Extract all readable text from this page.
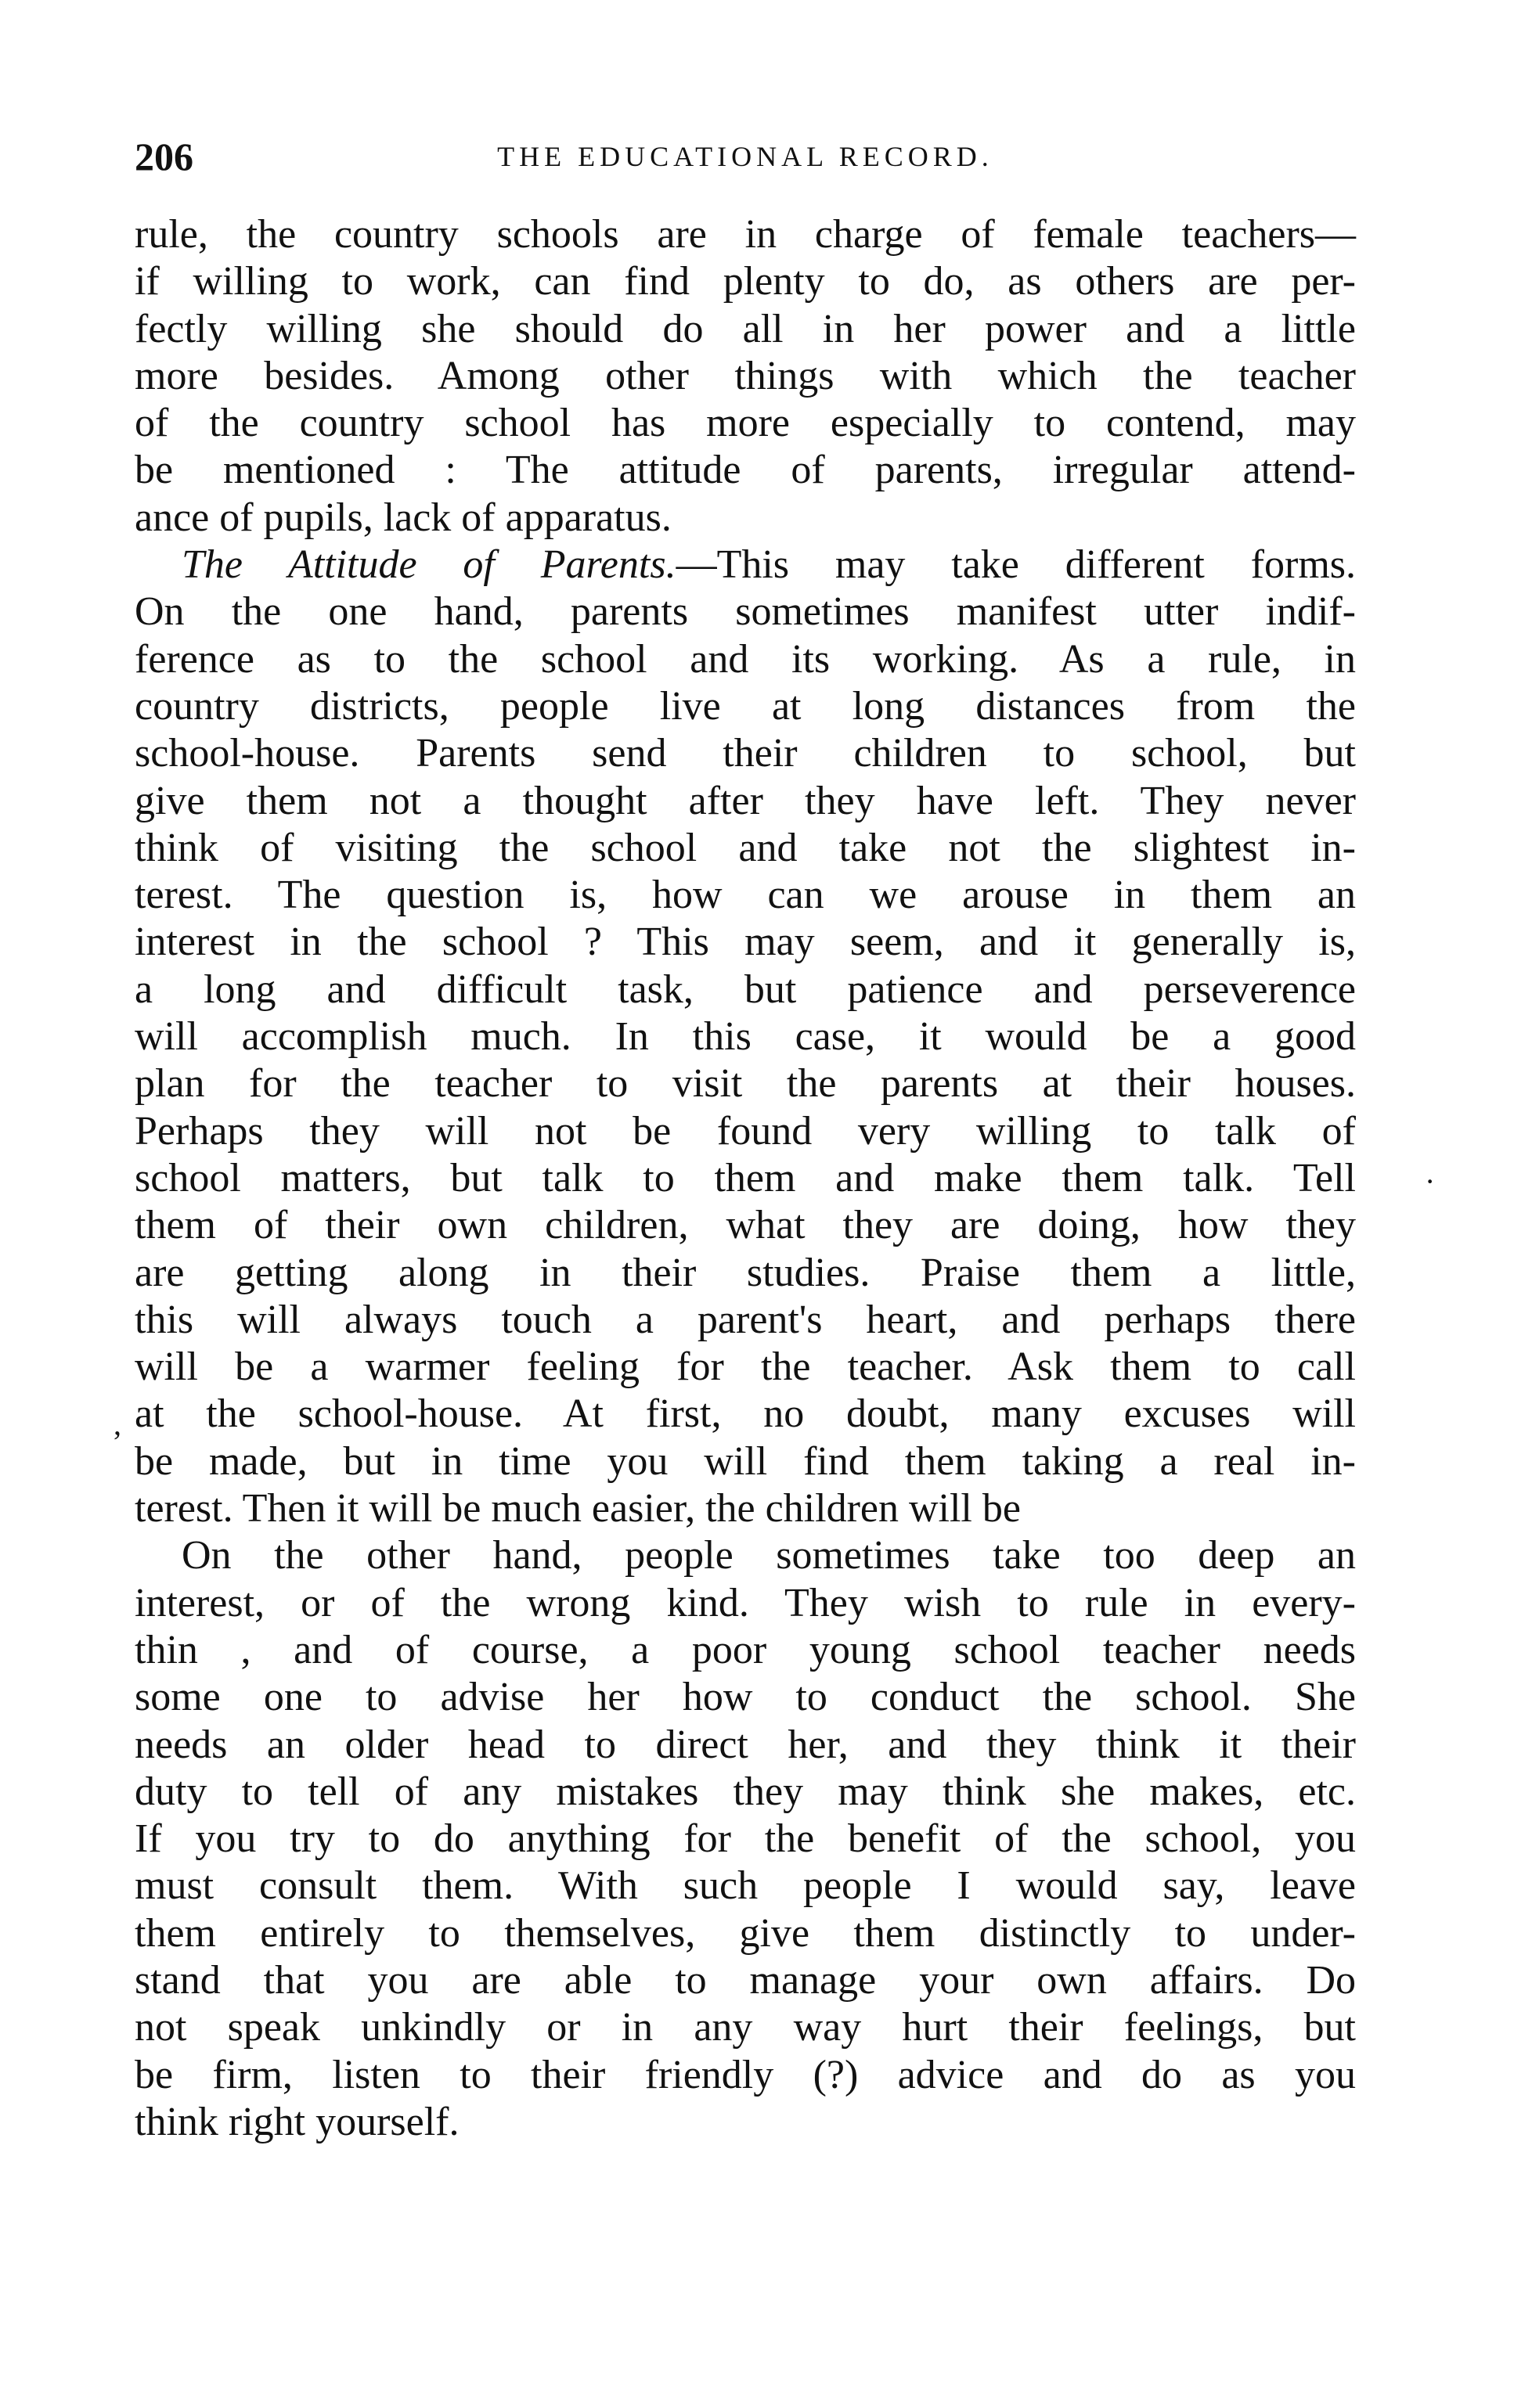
206	THE EDUCATIONAL RECORD.
rule, the country schools are in charge of female teachers—
if willing to work, can find plenty to do, as others are per-
fectly willing she should do all in her power and a little
more besides. Among other things with which the teacher
of the country school has more especially to contend, may
be mentioned : The attitude of parents, irregular attend-
ance of pupils, lack of apparatus.
The Attitude of Parents.—This may take different forms.
On the one hand, parents sometimes manifest utter indif-
ference as to the school and its working. As a rule, in
country districts, people live at long distances from the
school-house. Parents send their children to school, but
give them not a thought after they have left. They never
think of visiting the school and take not the slightest in-
terest. The question is, how can we arouse in them an
interest in the school ? This may seem, and it generally is,
a long and difficult task, but patience and perseverence
will accomplish much. In this case, it would be a good
plan for the teacher to visit the parents at their houses.
Perhaps they will not be found very willing to talk of
school matters, but talk to them and make them talk. Tell
them of their own children, what they are doing, how they
are getting along in their studies. Praise them a little,
this will always touch a parent's heart, and perhaps there
will be a warmer feeling for the teacher. Ask them to call
at the school-house. At first, no doubt, many excuses will
be made, but in time you will find them taking a real in-
terest. Then it will be much easier, the children will be
On the other hand, people sometimes take too deep an
interest, or of the wrong kind. They wish to rule in every-
thin , and of course, a poor young school teacher needs
some one to advise her how to conduct the school. She
needs an older head to direct her, and they think it their
duty to tell of any mistakes they may think she makes, etc.
If you try to do anything for the benefit of the school, you
must consult them. With such people I would say, leave
them entirely to themselves, give them distinctly to under-
stand that you are able to manage your own affairs. Do
not speak unkindly or in any way hurt their feelings, but
be firm, listen to their friendly (?) advice and do as you
think right yourself.
·
,
